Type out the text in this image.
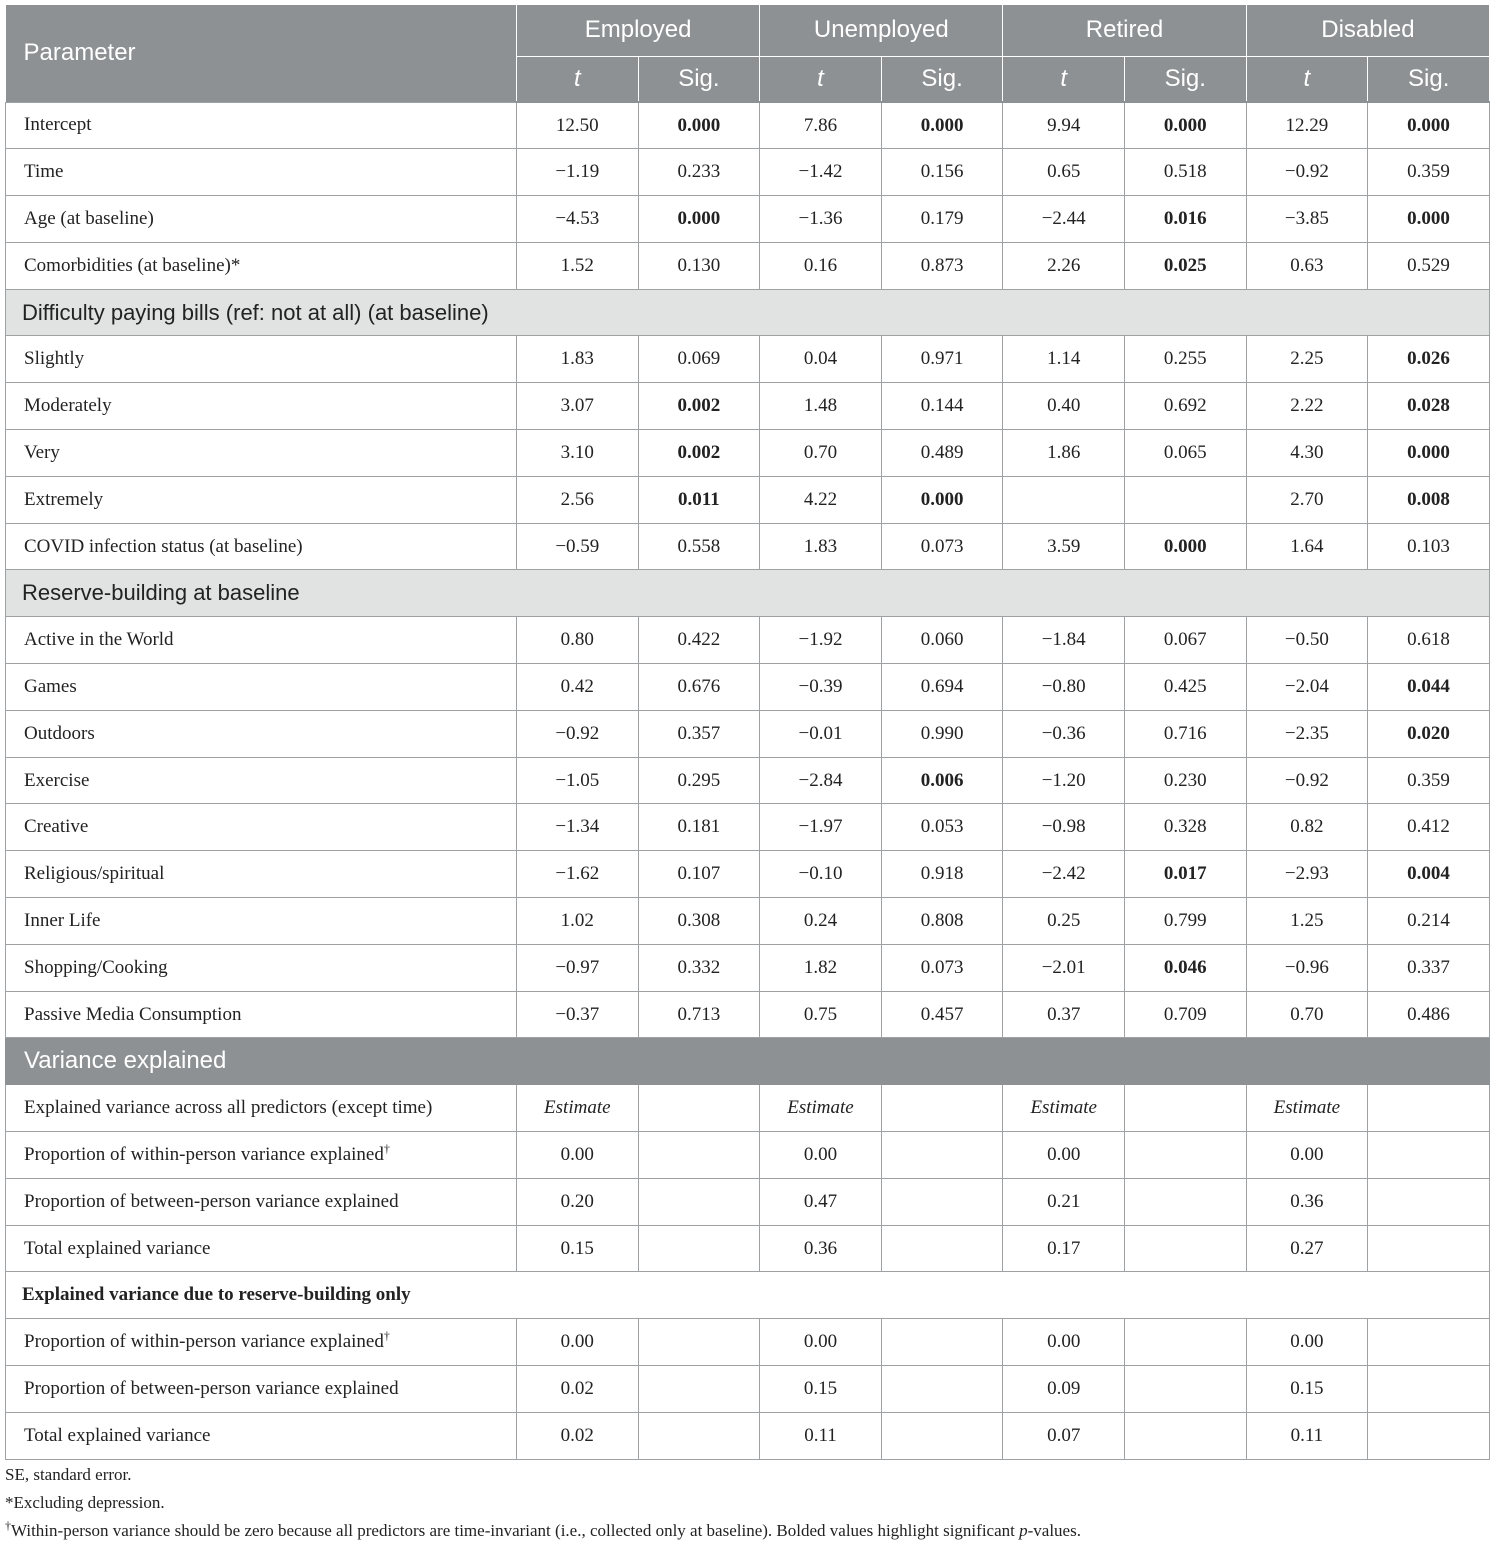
Parameter	Employed		Unemployed		Retired		Disabled	
	t	Sig.	t	Sig.	t	Sig.	t	Sig.
Intercept	12.50	0.000	7.86	0.000	9.94	0.000	12.29	0.000
Time	−1.19	0.233	−1.42	0.156	0.65	0.518	−0.92	0.359
Age (at baseline)	−4.53	0.000	−1.36	0.179	−2.44	0.016	−3.85	0.000
Comorbidities (at baseline)*	1.52	0.130	0.16	0.873	2.26	0.025	0.63	0.529
Difficulty paying bills (ref: not at all) (at baseline)								
Slightly	1.83	0.069	0.04	0.971	1.14	0.255	2.25	0.026
Moderately	3.07	0.002	1.48	0.144	0.40	0.692	2.22	0.028
Very	3.10	0.002	0.70	0.489	1.86	0.065	4.30	0.000
Extremely	2.56	0.011	4.22	0.000			2.70	0.008
COVID infection status (at baseline)	−0.59	0.558	1.83	0.073	3.59	0.000	1.64	0.103
Reserve-building at baseline								
Active in the World	0.80	0.422	−1.92	0.060	−1.84	0.067	−0.50	0.618
Games	0.42	0.676	−0.39	0.694	−0.80	0.425	−2.04	0.044
Outdoors	−0.92	0.357	−0.01	0.990	−0.36	0.716	−2.35	0.020
Exercise	−1.05	0.295	−2.84	0.006	−1.20	0.230	−0.92	0.359
Creative	−1.34	0.181	−1.97	0.053	−0.98	0.328	0.82	0.412
Religious/spiritual	−1.62	0.107	−0.10	0.918	−2.42	0.017	−2.93	0.004
Inner Life	1.02	0.308	0.24	0.808	0.25	0.799	1.25	0.214
Shopping/Cooking	−0.97	0.332	1.82	0.073	−2.01	0.046	−0.96	0.337
Passive Media Consumption	−0.37	0.713	0.75	0.457	0.37	0.709	0.70	0.486
Variance explained								
Explained variance across all predictors (except time)	Estimate		Estimate		Estimate		Estimate	
Proportion of within-person variance explained†	0.00		0.00		0.00		0.00	
Proportion of between-person variance explained	0.20		0.47		0.21		0.36	
Total explained variance	0.15		0.36		0.17		0.27	
Explained variance due to reserve-building only								
Proportion of within-person variance explained†	0.00		0.00		0.00		0.00	
Proportion of between-person variance explained	0.02		0.15		0.09		0.15	
Total explained variance	0.02		0.11		0.07		0.11	
SE, standard error.
*Excluding depression.
†Within-person variance should be zero because all predictors are time-invariant (i.e., collected only at baseline). Bolded values highlight significant p-values.
